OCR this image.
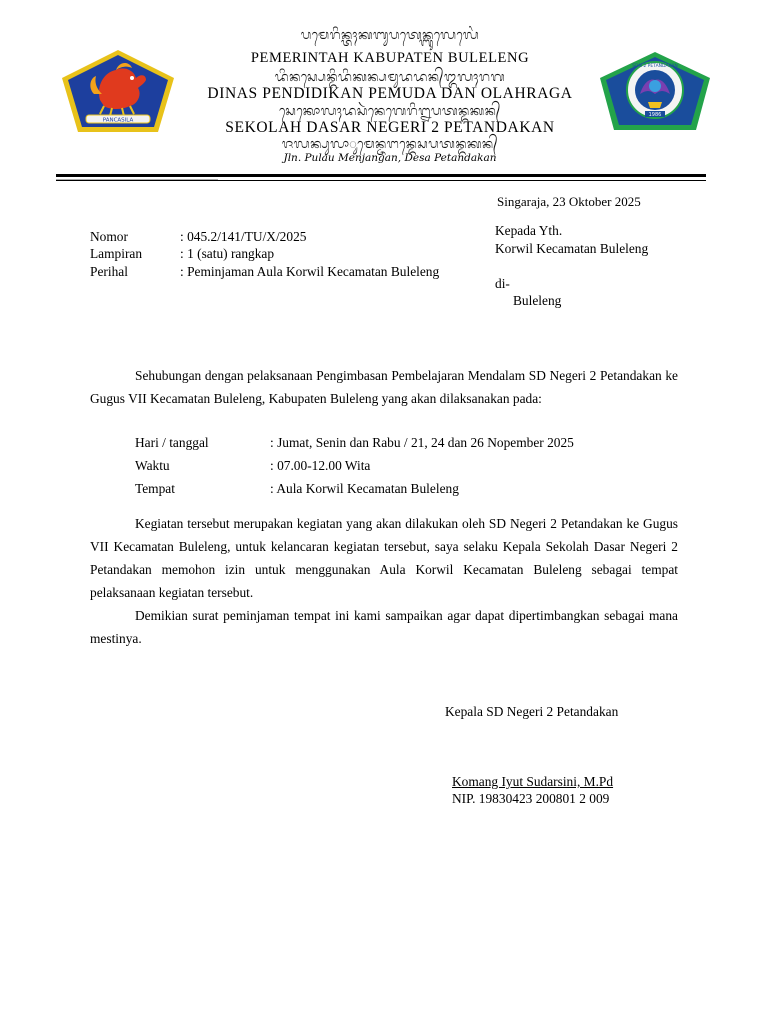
PANCASILA
SDN 2 PETANDAKAN
1986
ᬧᬫᬾᬭᬶᬦ᭄ᬢᬄᬓᬩᬸᬧᬢᬾᬦ᭄ᬩᬸᬮᬾᬮᬾᬂ
PEMERINTAH KABUPATEN BULELENG
ᬤᬶᬦᬲ᭄ᬧᬾᬦ᭄ᬤᬶᬤᬶᬓᬦ᭄ᬧᬫᬸᬤᬤᬦ᭄ᬑᬮᬄᬭᬕ
DINAS PENDIDIKAN PEMUDA DAN OLAHRAGA
ᬲᬾᬓᭀᬮᬄᬤᬲᬃᬦᬾᬕᬾᬭᬶ᭒ᬧᬢᬦ᭄ᬤᬓᬦ᭄
SEKOLAH DASAR NEGERI 2 PETANDAKAN
ᬚᬮᬦ᭄ᬧᬸᬮᬵᬸᬫᬾᬦ᭄ᬚᬗᬦ᭄ᬤᬾᬲᬧᬢᬦ᭄ᬤᬓᬦ᭄
Jln. Pulau Menjangan, Desa Petandakan
Singaraja, 23 Oktober 2025
Nomor	: 045.2/141/TU/X/2025
Lampiran	: 1 (satu) rangkap
Perihal	: Peminjaman Aula Korwil Kecamatan Buleleng
Kepada Yth.
Korwil Kecamatan Buleleng
di-
Buleleng
Sehubungan dengan pelaksanaan Pengimbasan Pembelajaran Mendalam SD Negeri 2 Petandakan ke Gugus VII Kecamatan Buleleng, Kabupaten Buleleng yang akan dilaksanakan pada:
Hari / tanggal	: Jumat, Senin dan Rabu / 21, 24 dan 26 Nopember 2025
Waktu	: 07.00-12.00 Wita
Tempat	: Aula Korwil Kecamatan Buleleng
Kegiatan tersebut merupakan kegiatan yang akan dilakukan oleh SD Negeri 2 Petandakan ke Gugus VII Kecamatan Buleleng, untuk kelancaran kegiatan tersebut, saya selaku Kepala Sekolah Dasar Negeri 2 Petandakan memohon izin untuk menggunakan Aula Korwil Kecamatan Buleleng sebagai tempat pelaksanaan kegiatan tersebut.
Demikian surat peminjaman tempat ini kami sampaikan agar dapat dipertimbangkan sebagai mana mestinya.
Kepala SD Negeri 2 Petandakan
Komang Iyut Sudarsini, M.Pd
NIP. 19830423 200801 2 009
